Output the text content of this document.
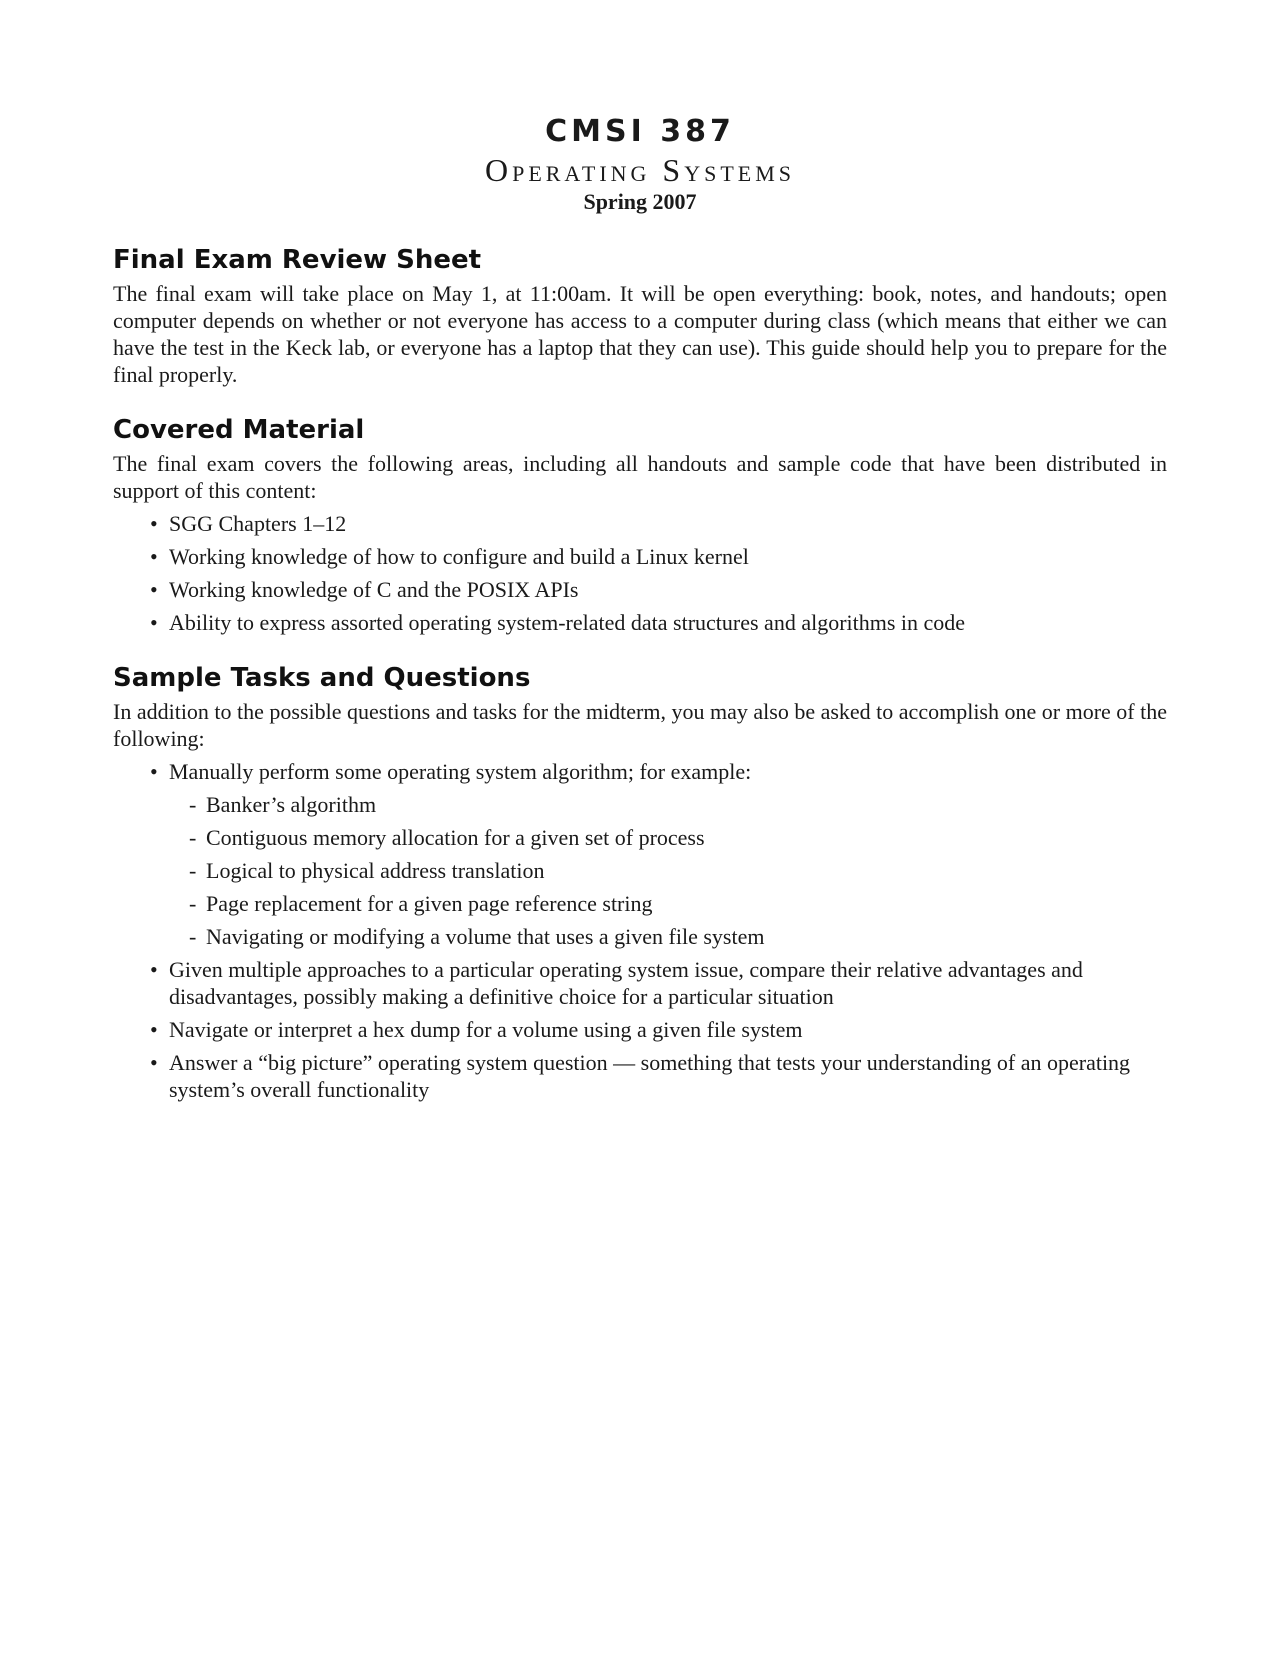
CMSI 387
Operating Systems
Spring 2007
Final Exam Review Sheet

The final exam will take place on May 1, at 11:00am. It will be open everything: book, notes, and handouts; open computer depends on whether or not everyone has access to a computer during class (which means that either we can have the test in the Keck lab, or everyone has a laptop that they can use). This guide should help you to prepare for the final properly.

Covered Material

The final exam covers the following areas, including all handouts and sample code that have been distributed in support of this content:

• SGG Chapters 1–12
• Working knowledge of how to configure and build a Linux kernel
• Working knowledge of C and the POSIX APIs
• Ability to express assorted operating system-related data structures and algorithms in code
Sample Tasks and Questions

In addition to the possible questions and tasks for the midterm, you may also be asked to accomplish one or more of the following:

• Manually perform some operating system algorithm; for example:
- Banker’s algorithm
- Contiguous memory allocation for a given set of process
- Logical to physical address translation
- Page replacement for a given page reference string
- Navigating or modifying a volume that uses a given file system
• Given multiple approaches to a particular operating system issue, compare their relative advantages and disadvantages, possibly making a definitive choice for a particular situation
• Navigate or interpret a hex dump for a volume using a given file system
• Answer a “big picture” operating system question — something that tests your understanding of an operating system’s overall functionality
